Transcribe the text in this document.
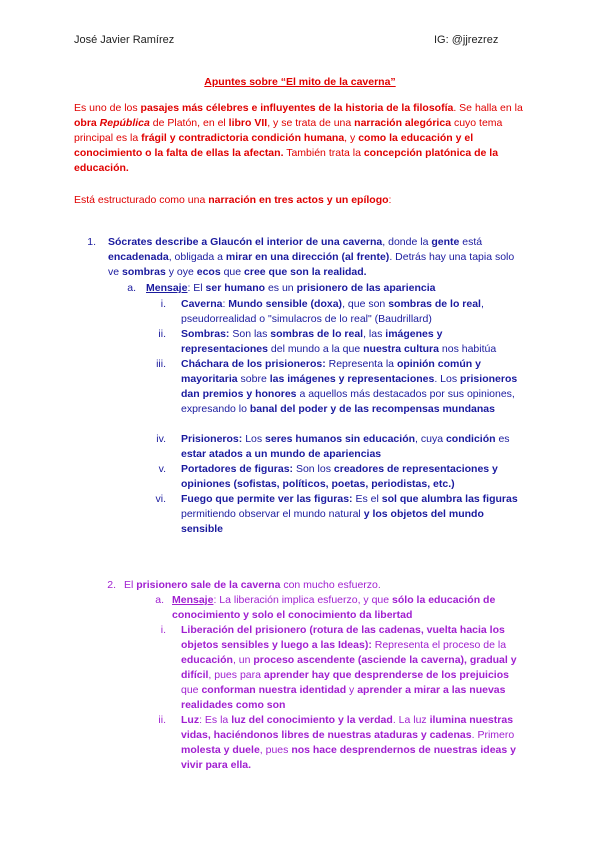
José Javier Ramírez	IG: @jjrezrez
Apuntes sobre “El mito de la caverna”
Es uno de los pasajes más célebres e influyentes de la historia de la filosofía. Se halla en la obra República de Platón, en el libro VII, y se trata de una narración alegórica cuyo tema principal es la frágil y contradictoria condición humana, y como la educación y el conocimiento o la falta de ellas la afectan. También trata la concepción platónica de la educación.
Está estructurado como una narración en tres actos y un epílogo:
1. Sócrates describe a Glaucón el interior de una caverna, donde la gente está encadenada, obligada a mirar en una dirección (al frente). Detrás hay una tapia solo ve sombras y oye ecos que cree que son la realidad.
a. Mensaje: El ser humano es un prisionero de las apariencia
i. Caverna: Mundo sensible (doxa), que son sombras de lo real, pseudorrealidad o "simulacros de lo real" (Baudrillard)
ii. Sombras: Son las sombras de lo real, las imágenes y representaciones del mundo a la que nuestra cultura nos habitúa
iii. Cháchara de los prisioneros: Representa la opinión común y mayoritaria sobre las imágenes y representaciones. Los prisioneros dan premios y honores a aquellos más destacados por sus opiniones, expresando lo banal del poder y de las recompensas mundanas
iv. Prisioneros: Los seres humanos sin educación, cuya condición es estar atados a un mundo de apariencias
v. Portadores de figuras: Son los creadores de representaciones y opiniones (sofistas, políticos, poetas, periodistas, etc.)
vi. Fuego que permite ver las figuras: Es el sol que alumbra las figuras permitiendo observar el mundo natural y los objetos del mundo sensible
2. El prisionero sale de la caverna con mucho esfuerzo.
a. Mensaje: La liberación implica esfuerzo, y que sólo la educación de conocimiento y solo el conocimiento da libertad
i. Liberación del prisionero (rotura de las cadenas, vuelta hacia los objetos sensibles y luego a las Ideas): Representa el proceso de la educación, un proceso ascendente (asciende la caverna), gradual y difícil, pues para aprender hay que desprenderse de los prejuicios que conforman nuestra identidad y aprender a mirar a las nuevas realidades como son
ii. Luz: Es la luz del conocimiento y la verdad. La luz ilumina nuestras vidas, haciéndonos libres de nuestras ataduras y cadenas. Primero molesta y duele, pues nos hace desprendernos de nuestras ideas y vivir para ella.
